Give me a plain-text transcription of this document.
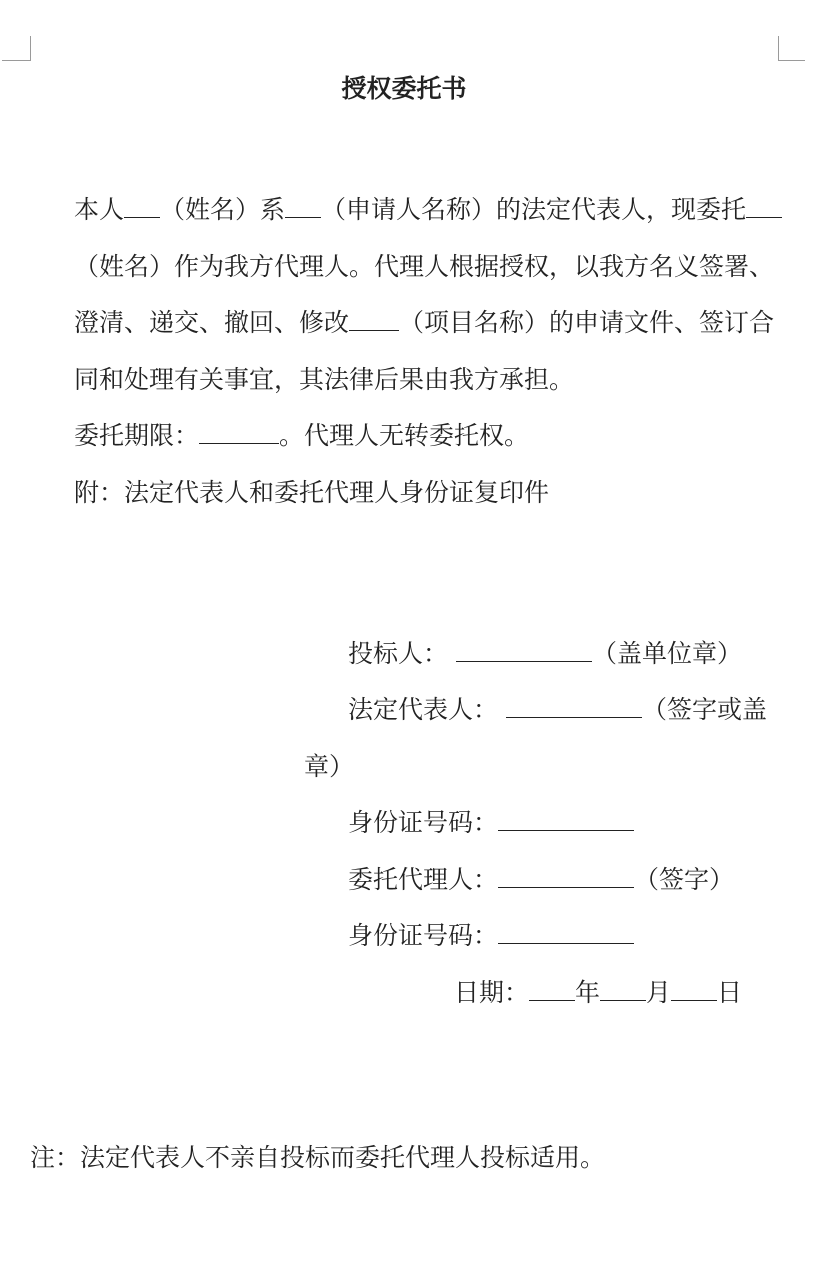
授权委托书

本人 （姓名）系 （申请人名称）的法定代表人，现委托（姓名）作为我方代理人。代理人根据授权，以我方名义签署、澄清、递交、撤回、修改 （项目名称）的申请文件、签订合同和处理有关事宜，其法律后果由我方承担。

委托期限：	。代理人无转委托权。

附：法定代表人和委托代理人身份证复印件

投标人：	（盖单位章）
法定代表人：	（签字或盖
章）
身份证号码：
委托代理人：	（签字）
身份证号码：
日期： 年 月 日
注：法定代表人不亲自投标而委托代理人投标适用。
